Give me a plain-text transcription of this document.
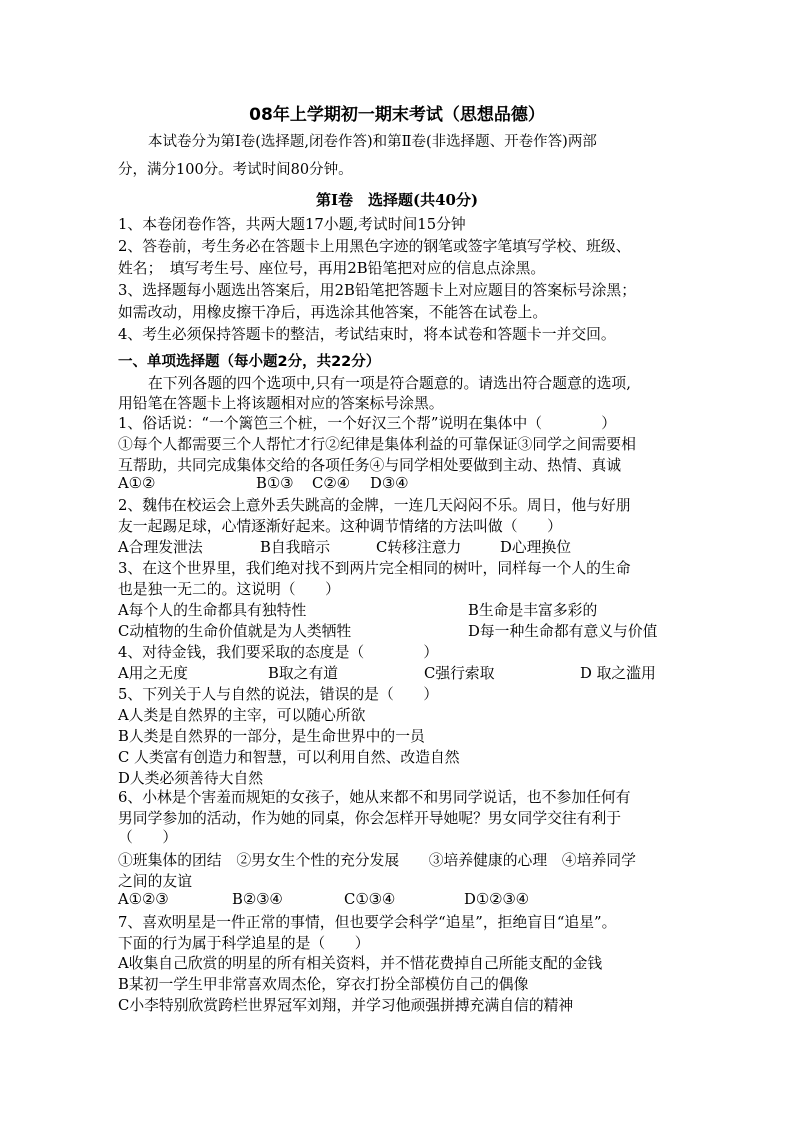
08年上学期初一期末考试（思想品德）
本试卷分为第Ⅰ卷(选择题,闭卷作答)和第Ⅱ卷(非选择题、开卷作答)两部
分，满分100分。考试时间80分钟。
第Ⅰ卷　选择题(共40分)
1、本卷闭卷作答，共两大题17小题,考试时间15分钟
2、答卷前，考生务必在答题卡上用黑色字迹的钢笔或签字笔填写学校、班级、
姓名；　填写考生号、座位号，再用2B铅笔把对应的信息点涂黑。
3、选择题每小题选出答案后，用2B铅笔把答题卡上对应题目的答案标号涂黑；
如需改动，用橡皮擦干净后，再选涂其他答案，不能答在试卷上。
4、考生必须保持答题卡的整洁，考试结束时，将本试卷和答题卡一并交回。
一、单项选择题（每小题2分，共22分）
在下列各题的四个选项中,只有一项是符合题意的。请选出符合题意的选项,
用铅笔在答题卡上将该题相对应的答案标号涂黑。
1、俗话说：“一个篱笆三个桩，一个好汉三个帮”说明在集体中（　　　　）
①每个人都需要三个人帮忙才行②纪律是集体利益的可靠保证③同学之间需要相
互帮助，共同完成集体交给的各项任务④与同学相处要做到主动、热情、真诚
A①②	B①③ C②④ D③④
2、魏伟在校运会上意外丢失跳高的金牌，一连几天闷闷不乐。周日，他与好朋
友一起踢足球，心情逐渐好起来。这种调节情绪的方法叫做（　　）
A合理发泄法	B自我暗示	C转移注意力	D心理换位
3、在这个世界里，我们绝对找不到两片完全相同的树叶，同样每一个人的生命
也是独一无二的。这说明（　　）
A每个人的生命都具有独特性	B生命是丰富多彩的
C动植物的生命价值就是为人类牺牲	D每一种生命都有意义与价值
4、对待金钱，我们要采取的态度是（　　　　）
A用之无度	B取之有道	C强行索取	D 取之滥用
5、下列关于人与自然的说法，错误的是（　　）
A人类是自然界的主宰，可以随心所欲
B人类是自然界的一部分，是生命世界中的一员
C 人类富有创造力和智慧，可以利用自然、改造自然
D人类必须善待大自然
6、小林是个害羞而规矩的女孩子，她从来都不和男同学说话，也不参加任何有
男同学参加的活动，作为她的同桌，你会怎样开导她呢？男女同学交往有利于
（　　）
①班集体的团结　②男女生个性的充分发展　　③培养健康的心理　④培养同学
之间的友谊
A①②③	B②③④	C①③④	D①②③④
7、喜欢明星是一件正常的事情，但也要学会科学“追星”，拒绝盲目“追星”。
下面的行为属于科学追星的是（　　）
A收集自己欣赏的明星的所有相关资料，并不惜花费掉自己所能支配的金钱
B某初一学生甲非常喜欢周杰伦，穿衣打扮全部模仿自己的偶像
C小李特别欣赏跨栏世界冠军刘翔，并学习他顽强拼搏充满自信的精神
